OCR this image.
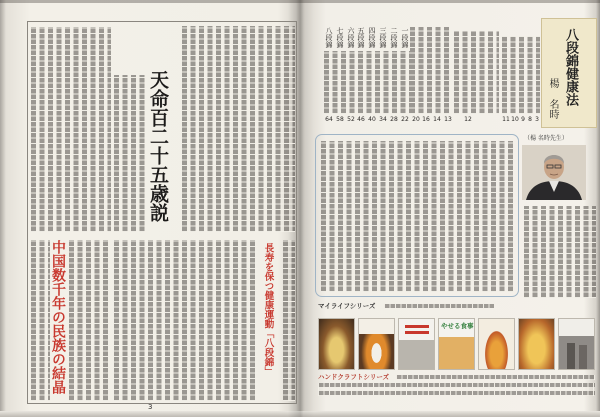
天命百二十五歳説
中国数千年の民族の結晶	長寿を保つ健康運動「八段錦」
3
八段錦 七段錦 六段錦 五段錦 四段錦 三段錦 二段錦 一段錦
64 58 52 46 40 34 28 22 20 16 14 13 12	11 10 9 8 3
八段錦健康法
楊 名時
（楊 名時先生）
マイライフシリーズ
やせる食事
ハンドクラフトシリーズ
